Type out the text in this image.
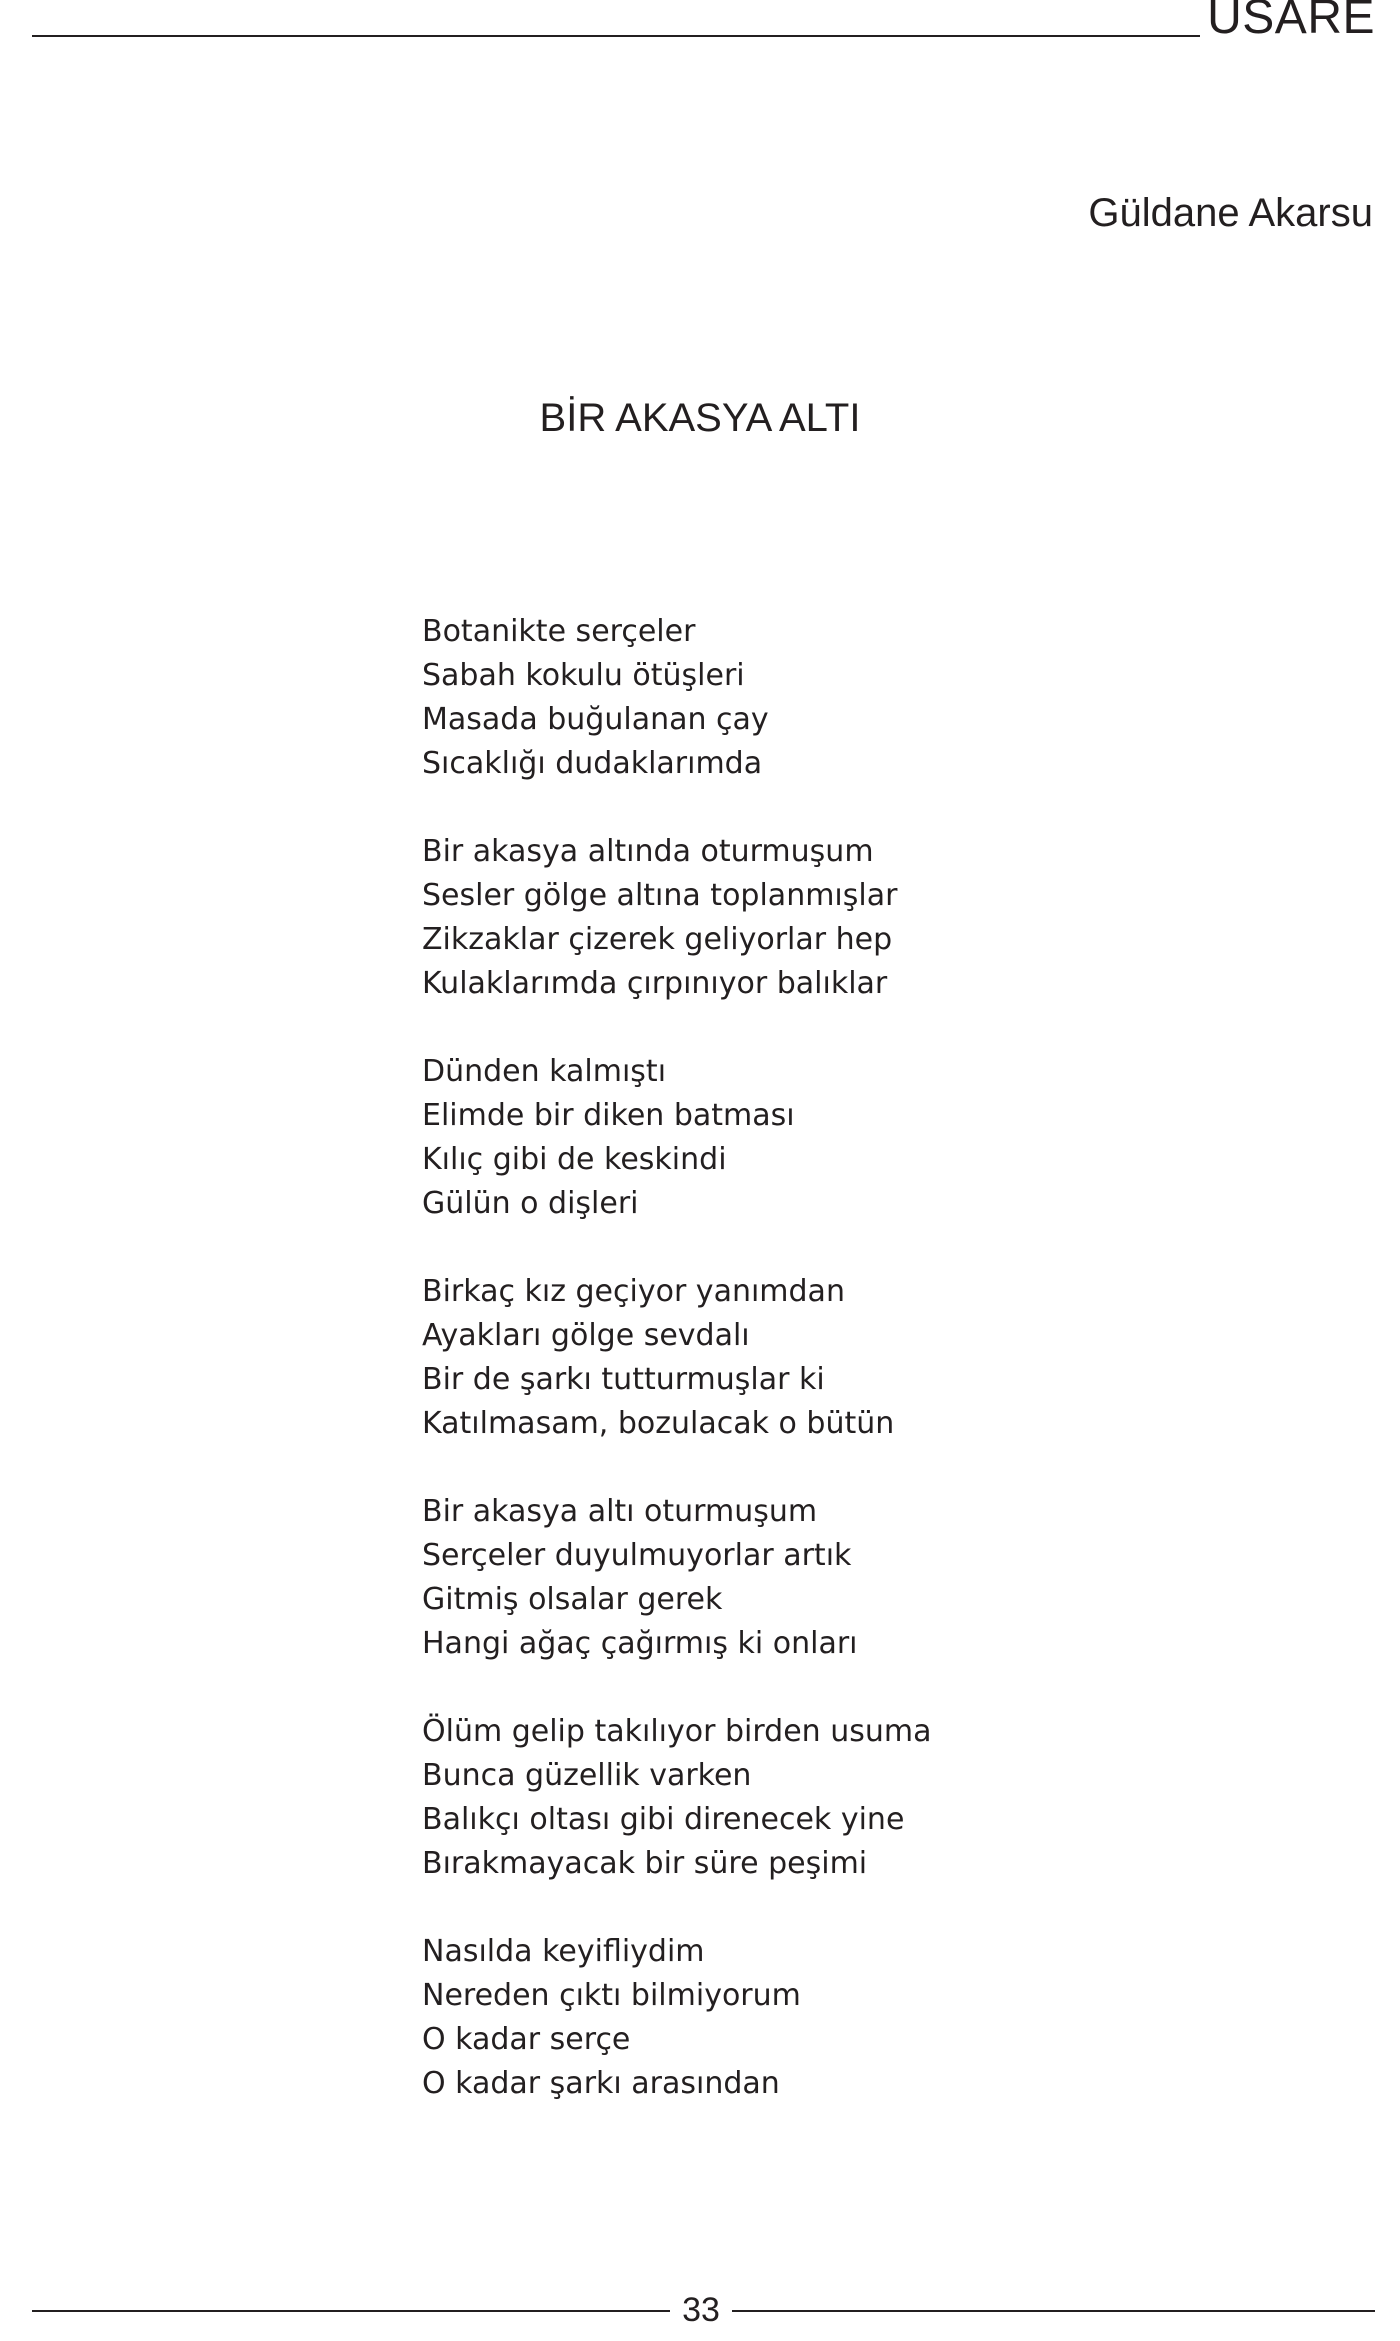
USARE
Güldane Akarsu
BİR AKASYA ALTI
Botanikte serçeler
Sabah kokulu ötüşleri
Masada buğulanan çay
Sıcaklığı dudaklarımda
Bir akasya altında oturmuşum
Sesler gölge altına toplanmışlar
Zikzaklar çizerek geliyorlar hep
Kulaklarımda çırpınıyor balıklar
Dünden kalmıştı
Elimde bir diken batması
Kılıç gibi de keskindi
Gülün o dişleri
Birkaç kız geçiyor yanımdan
Ayakları gölge sevdalı
Bir de şarkı tutturmuşlar ki
Katılmasam, bozulacak o bütün
Bir akasya altı oturmuşum
Serçeler duyulmuyorlar artık
Gitmiş olsalar gerek
Hangi ağaç çağırmış ki onları
Ölüm gelip takılıyor birden usuma
Bunca güzellik varken
Balıkçı oltası gibi direnecek yine
Bırakmayacak bir süre peşimi
Nasılda keyifliydim
Nereden çıktı bilmiyorum
O kadar serçe
O kadar şarkı arasından
33
